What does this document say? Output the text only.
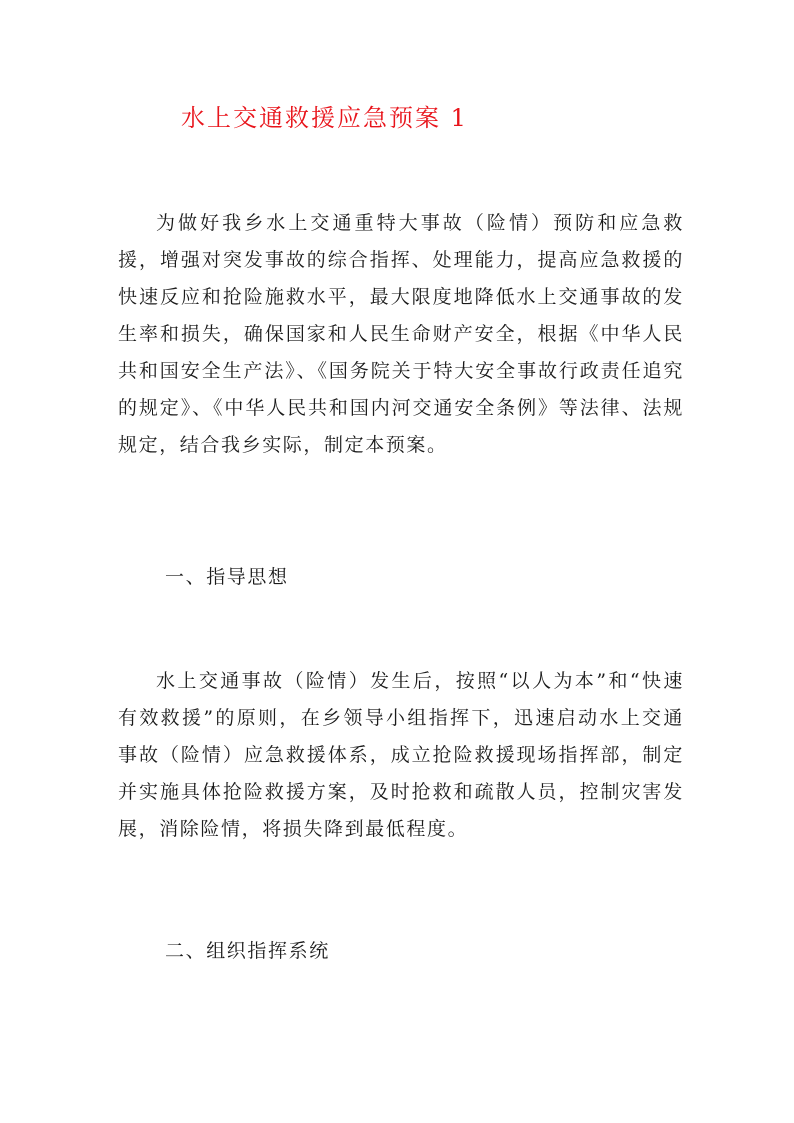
水上交通救援应急预案 1

为做好我乡水上交通重特大事故（险情）预防和应急救援，增强对突发事故的综合指挥、处理能力，提高应急救援的快速反应和抢险施救水平，最大限度地降低水上交通事故的发生率和损失，确保国家和人民生命财产安全，根据《中华人民共和国安全生产法》、《国务院关于特大安全事故行政责任追究的规定》、《中华人民共和国内河交通安全条例》等法律、法规规定，结合我乡实际，制定本预案。

一、指导思想

水上交通事故（险情）发生后，按照“以人为本”和“快速有效救援”的原则，在乡领导小组指挥下，迅速启动水上交通事故（险情）应急救援体系，成立抢险救援现场指挥部，制定并实施具体抢险救援方案，及时抢救和疏散人员，控制灾害发展，消除险情，将损失降到最低程度。

二、组织指挥系统
